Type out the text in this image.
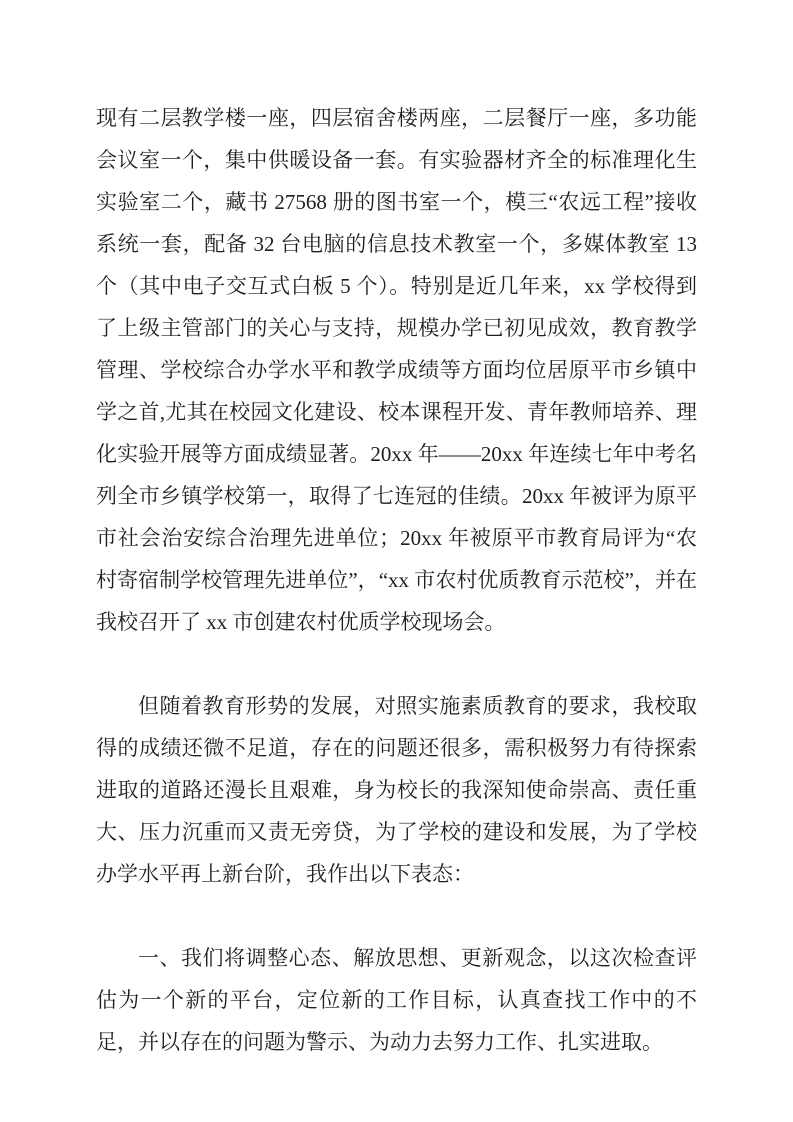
现有二层教学楼一座，四层宿舍楼两座，二层餐厅一座，多功能会议室一个，集中供暖设备一套。有实验器材齐全的标准理化生实验室二个，藏书 27568 册的图书室一个，模三“农远工程”接收系统一套，配备 32 台电脑的信息技术教室一个，多媒体教室 13 个（其中电子交互式白板 5 个）。特别是近几年来，xx 学校得到了上级主管部门的关心与支持，规模办学已初见成效，教育教学管理、学校综合办学水平和教学成绩等方面均位居原平市乡镇中学之首,尤其在校园文化建设、校本课程开发、青年教师培养、理化实验开展等方面成绩显著。20xx 年——20xx 年连续七年中考名列全市乡镇学校第一，取得了七连冠的佳绩。20xx 年被评为原平市社会治安综合治理先进单位；20xx 年被原平市教育局评为“农村寄宿制学校管理先进单位”，“xx 市农村优质教育示范校”，并在我校召开了 xx 市创建农村优质学校现场会。

但随着教育形势的发展，对照实施素质教育的要求，我校取得的成绩还微不足道，存在的问题还很多，需积极努力有待探索进取的道路还漫长且艰难，身为校长的我深知使命崇高、责任重大、压力沉重而又责无旁贷，为了学校的建设和发展，为了学校办学水平再上新台阶，我作出以下表态：

一、我们将调整心态、解放思想、更新观念，以这次检查评估为一个新的平台，定位新的工作目标，认真查找工作中的不足，并以存在的问题为警示、为动力去努力工作、扎实进取。
